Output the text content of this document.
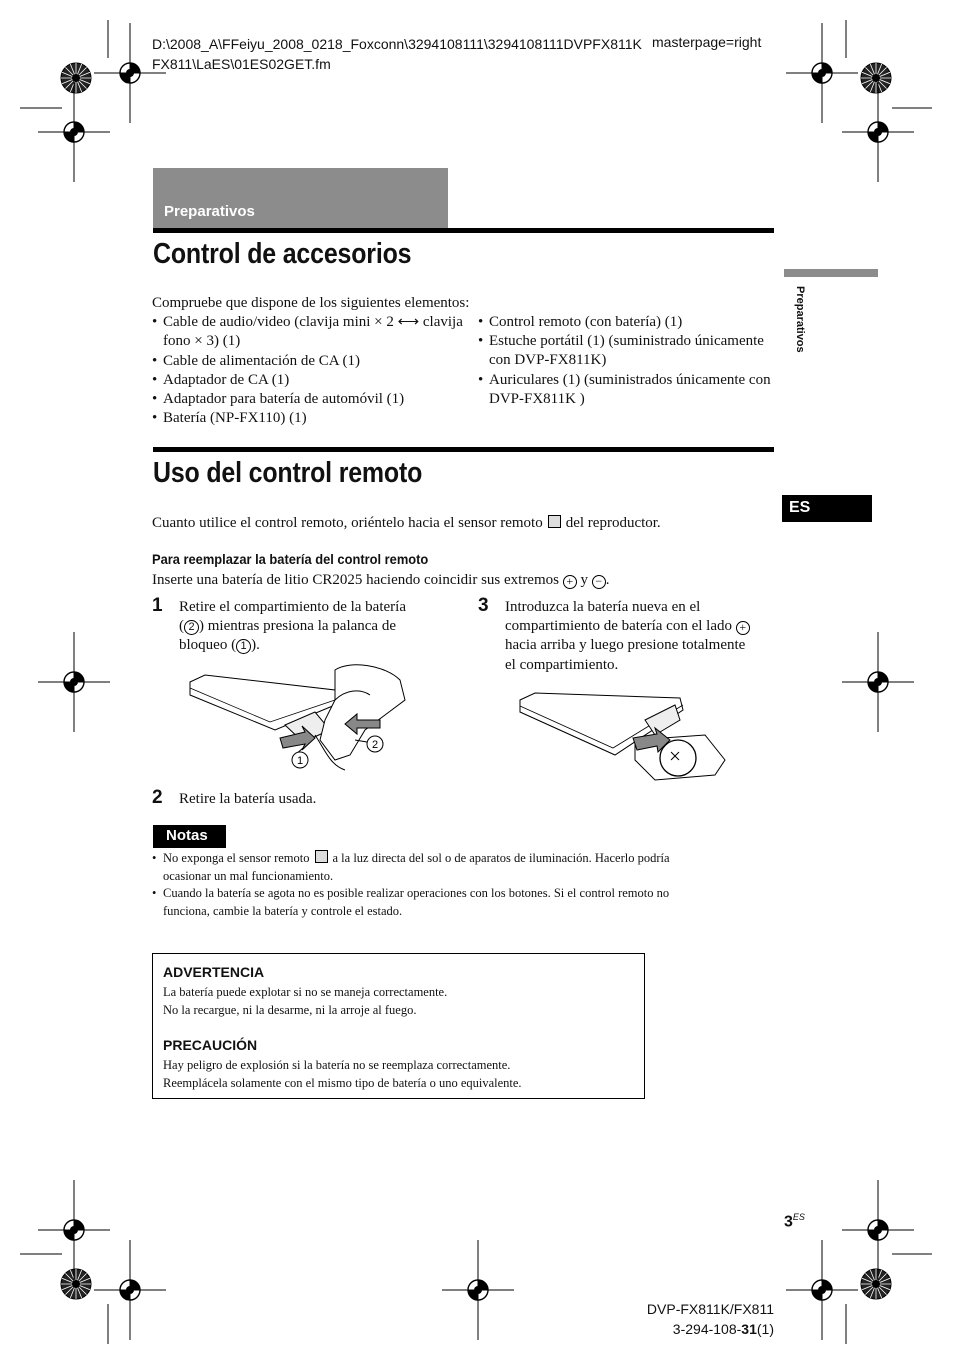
D:\2008_A\FFeiyu_2008_0218_Foxconn\3294108111\3294108111DVPFX811K
FX811\LaES\01ES02GET.fm
masterpage=right
Preparativos
Control de accesorios
Compruebe que dispone de los siguientes elementos:
• Cable de audio/video (clavija mini × 2 ⟷ clavija fono × 3) (1)
• Cable de alimentación de CA (1)
• Adaptador de CA (1)
• Adaptador para batería de automóvil (1)
• Batería (NP-FX110) (1)
• Control remoto (con batería) (1)
• Estuche portátil (1) (suministrado únicamente con DVP-FX811K)
• Auriculares (1) (suministrados únicamente con DVP-FX811K )
Preparativos
ES
Uso del control remoto
Cuanto utilice el control remoto, oriéntelo hacia el sensor remoto del reproductor.
Para reemplazar la batería del control remoto
Inserte una batería de litio CR2025 haciendo coincidir sus extremos + y − .
1 Retire el compartimiento de la batería
( 2 ) mientras presiona la palanca de
bloqueo ( 1 ).
3 Introduzca la batería nueva en el
compartimiento de batería con el lado +
hacia arriba y luego presione totalmente
el compartimiento.
1
2
2 Retire la batería usada.
Notas
• No exponga el sensor remoto a la luz directa del sol o de aparatos de iluminación. Hacerlo podría
ocasionar un mal funcionamiento.
• Cuando la batería se agota no es posible realizar operaciones con los botones. Si el control remoto no
funciona, cambie la batería y controle el estado.
ADVERTENCIA
La batería puede explotar si no se maneja correctamente.
No la recargue, ni la desarme, ni la arroje al fuego.
PRECAUCIÓN
Hay peligro de explosión si la batería no se reemplaza correctamente.
Reemplácela solamente con el mismo tipo de batería o uno equivalente.
$3^{ES}$
DVP-FX811K/FX811
3-294-108-31(1)
